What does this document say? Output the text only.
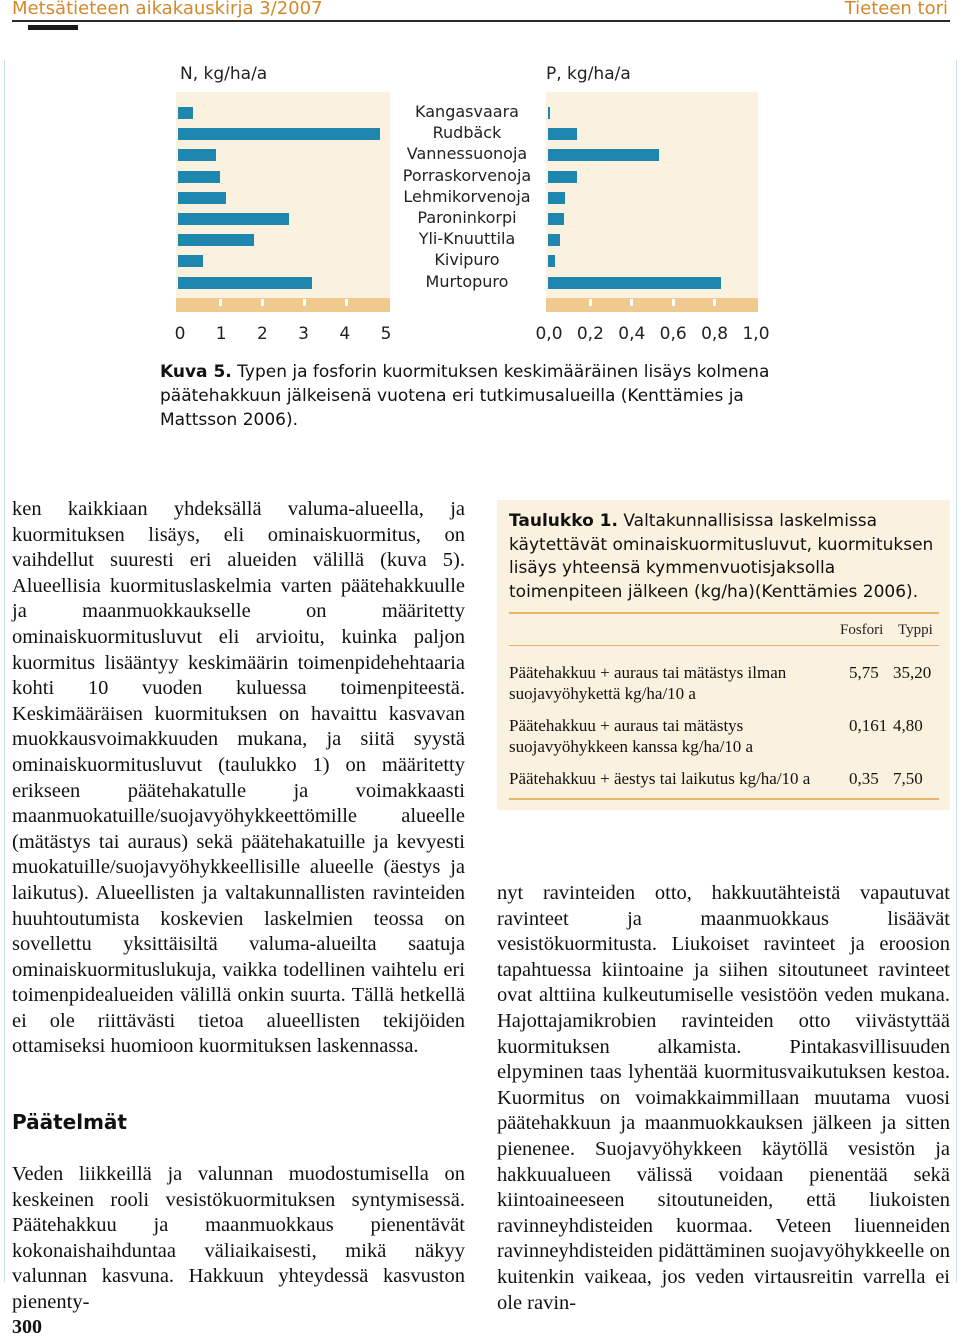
Metsätieteen aikakauskirja 3/2007	Tieteen tori
N, kg/ha/a	P, kg/ha/a
0 1 2 3 4 5	0,0 0,2 0,4 0,6 0,8 1,0
Kangasvaara
Rudbäck
Vannessuonoja
Porraskorvenoja
Lehmikorvenoja
Paroninkorpi
Yli-Knuuttila
Kivipuro
Murtopuro
Kuva 5. Typen ja fosforin kuormituksen keskimääräinen lisäys kolmena päätehakkuun jälkeisenä vuotena eri tutkimusalueilla (Kenttämies ja Mattsson 2006).

ken kaikkiaan yhdeksällä valuma-alueella, ja kuormituksen lisäys, eli ominaiskuormitus, on vaihdellut suuresti eri alueiden välillä (kuva 5). Alueellisia kuormituslaskelmia varten päätehakkuulle ja maanmuokkaukselle on määritetty ominaiskuormitusluvut eli arvioitu, kuinka paljon kuormitus lisääntyy keskimäärin toimenpidehehtaaria kohti 10 vuoden kuluessa toimenpiteestä. Keskimääräisen kuormituksen on havaittu kasvavan muokkausvoimakkuuden mukana, ja siitä syystä ominaiskuormitusluvut (taulukko 1) on määritetty erikseen päätehakatulle ja voimakkaasti maanmuokatuille/suojavyöhykkeettömille alueelle (mätästys tai auraus) sekä päätehakatuille ja kevyesti muokatuille/suojavyöhykkeellisille alueelle (äestys ja laikutus). Alueellisten ja valtakunnallisten ravinteiden huuhtoutumista koskevien laskelmien teossa on sovellettu yksittäisiltä valuma-alueilta saatuja ominaiskuormituslukuja, vaikka todellinen vaihtelu eri toimenpidealueiden välillä onkin suurta. Tällä hetkellä ei ole riittävästi tietoa alueellisten tekijöiden ottamiseksi huomioon kuormituksen laskennassa.

Päätelmät

Veden liikkeillä ja valunnan muodostumisella on keskeinen rooli vesistökuormituksen syntymisessä. Päätehakkuu ja maanmuokkaus pienentävät kokonaishaihduntaa väliaikaisesti, mikä näkyy valunnan kasvuna. Hakkuun yhteydessä kasvuston pienenty-

Taulukko 1. Valtakunnallisissa laskelmissa käytettävät ominaiskuormitusluvut, kuormituksen lisäys yhteensä kymmenvuotisjaksolla toimenpiteen jälkeen (kg/ha)(Kenttämies 2006).
Fosfori Typpi
Päätehakkuu + auraus tai mätästys ilman suojavyöhykettä kg/ha/10 a
5,75 35,20
Päätehakkuu + auraus tai mätästys suojavyöhykkeen kanssa kg/ha/10 a
0,161 4,80
Päätehakkuu + äestys tai laikutus kg/ha/10 a	0,35 7,50

nyt ravinteiden otto, hakkuutähteistä vapautuvat ravinteet ja maanmuokkaus lisäävät vesistökuormitusta. Liukoiset ravinteet ja eroosion tapahtuessa kiintoaine ja siihen sitoutuneet ravinteet ovat alttiina kulkeutumiselle vesistöön veden mukana. Hajottajamikrobien ravinteiden otto viivästyttää kuormituksen alkamista. Pintakasvillisuuden elpyminen taas lyhentää kuormitusvaikutuksen kestoa. Kuormitus on voimakkaimmillaan muutama vuosi päätehakkuun ja maanmuokkauksen jälkeen ja sitten pienenee. Suojavyöhykkeen käytöllä vesistön ja hakkuualueen välissä voidaan pienentää sekä kiintoaineeseen sitoutuneiden, että liukoisten ravinneyhdisteiden kuormaa. Veteen liuenneiden ravinneyhdisteiden pidättäminen suojavyöhykkeelle on kuitenkin vaikeaa, jos veden virtausreitin varrella ei ole ravin-

300
